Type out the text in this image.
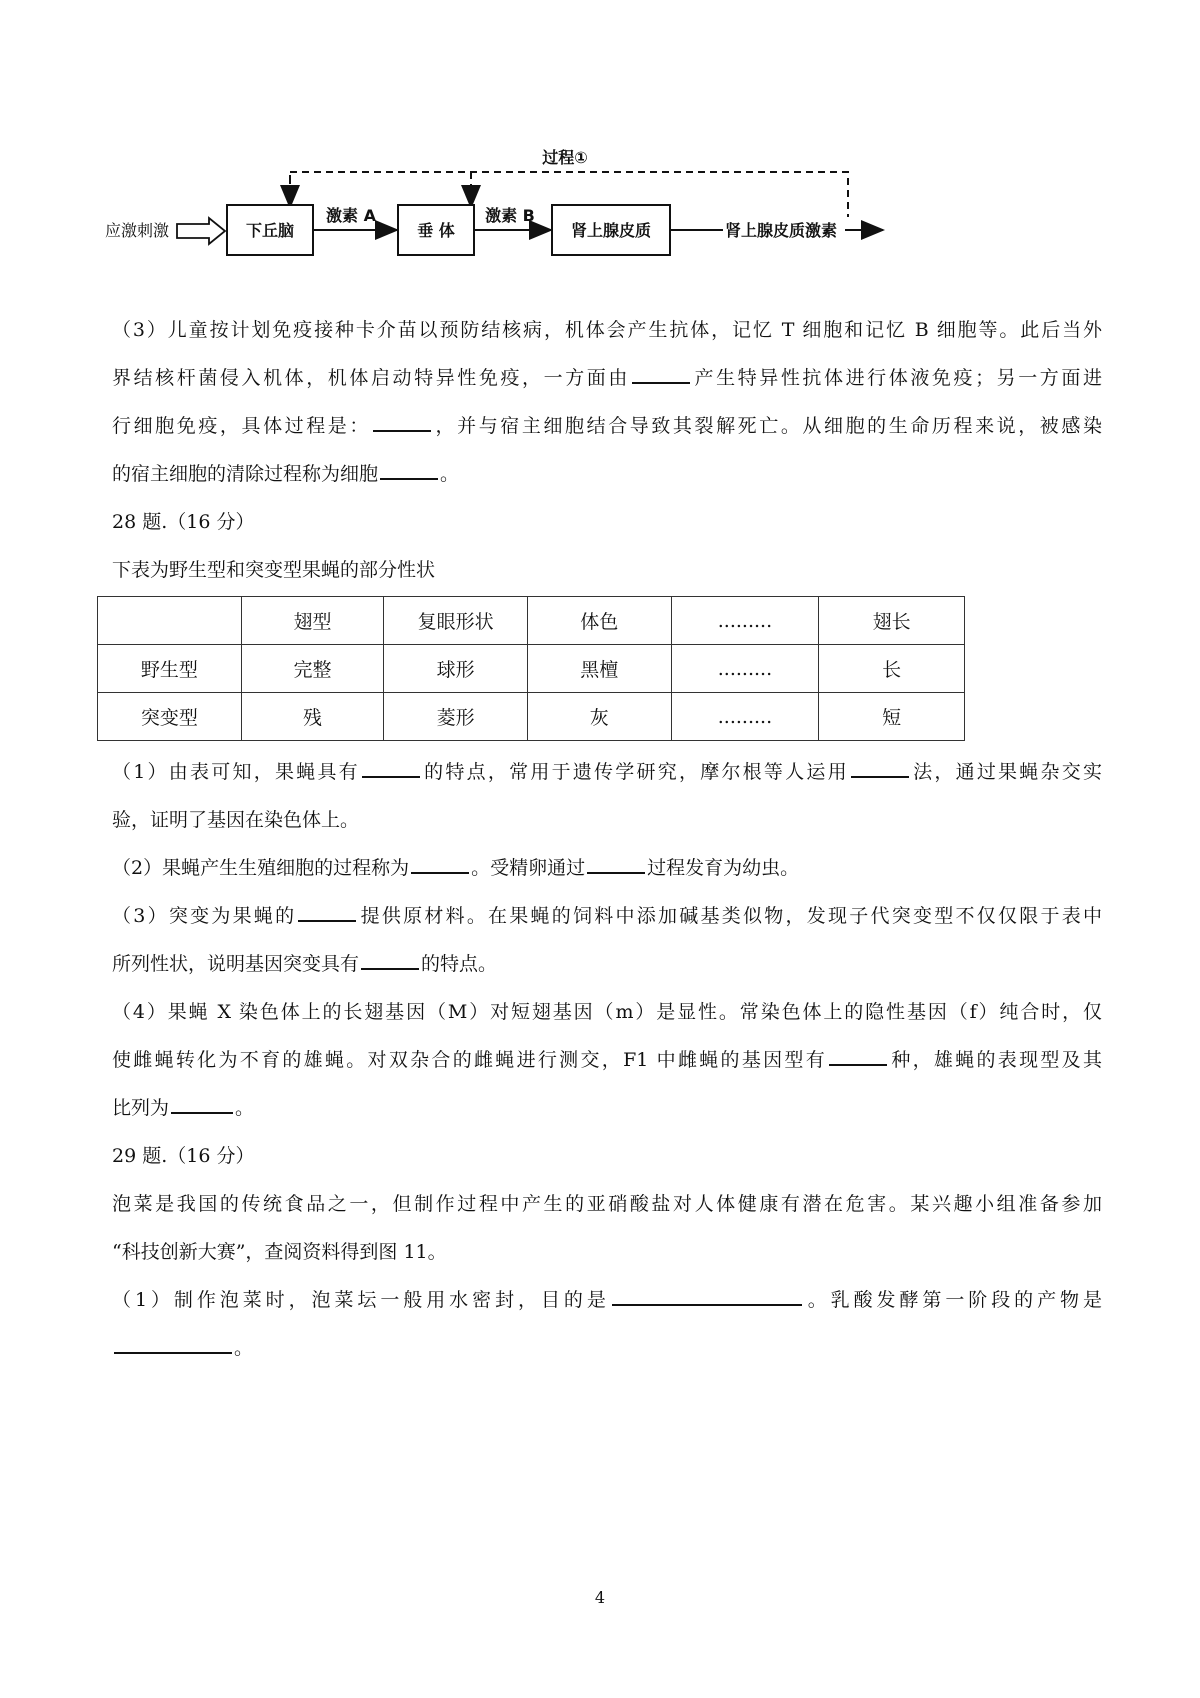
过程①
应激刺激	下丘脑
激素 A
垂 体
激素 B
肾上腺皮质	肾上腺皮质激素
（3）儿童按计划免疫接种卡介苗以预防结核病，机体会产生抗体，记忆 T 细胞和记忆 B 细胞等。此后当外
界结核杆菌侵入机体，机体启动特异性免疫，一方面由	产生特异性抗体进行体液免疫；另一方面进
行细胞免疫，具体过程是：	，并与宿主细胞结合导致其裂解死亡。从细胞的生命历程来说，被感染
的宿主细胞的清除过程称为细胞	。
28 题.（16 分）
下表为野生型和突变型果蝇的部分性状
	翅型	复眼形状	体色	.........	翅长
野生型	完整	球形	黑檀	.........	长
突变型	残	菱形	灰	.........	短
（1）由表可知，果蝇具有	的特点，常用于遗传学研究，摩尔根等人运用	法，通过果蝇杂交实
验，证明了基因在染色体上。
（2）果蝇产生生殖细胞的过程称为	。受精卵通过	过程发育为幼虫。
（3）突变为果蝇的	提供原材料。在果蝇的饲料中添加碱基类似物，发现子代突变型不仅仅限于表中
所列性状，说明基因突变具有	的特点。
（4）果蝇 X 染色体上的长翅基因（M）对短翅基因（m）是显性。常染色体上的隐性基因（f）纯合时，仅
使雌蝇转化为不育的雄蝇。对双杂合的雌蝇进行测交，F1 中雌蝇的基因型有	种，雄蝇的表现型及其
比列为	。
29 题.（16 分）
泡菜是我国的传统食品之一，但制作过程中产生的亚硝酸盐对人体健康有潜在危害。某兴趣小组准备参加
“科技创新大赛”，查阅资料得到图 11。
（1）制作泡菜时，泡菜坛一般用水密封，目的是	。乳酸发酵第一阶段的产物是
。
4
